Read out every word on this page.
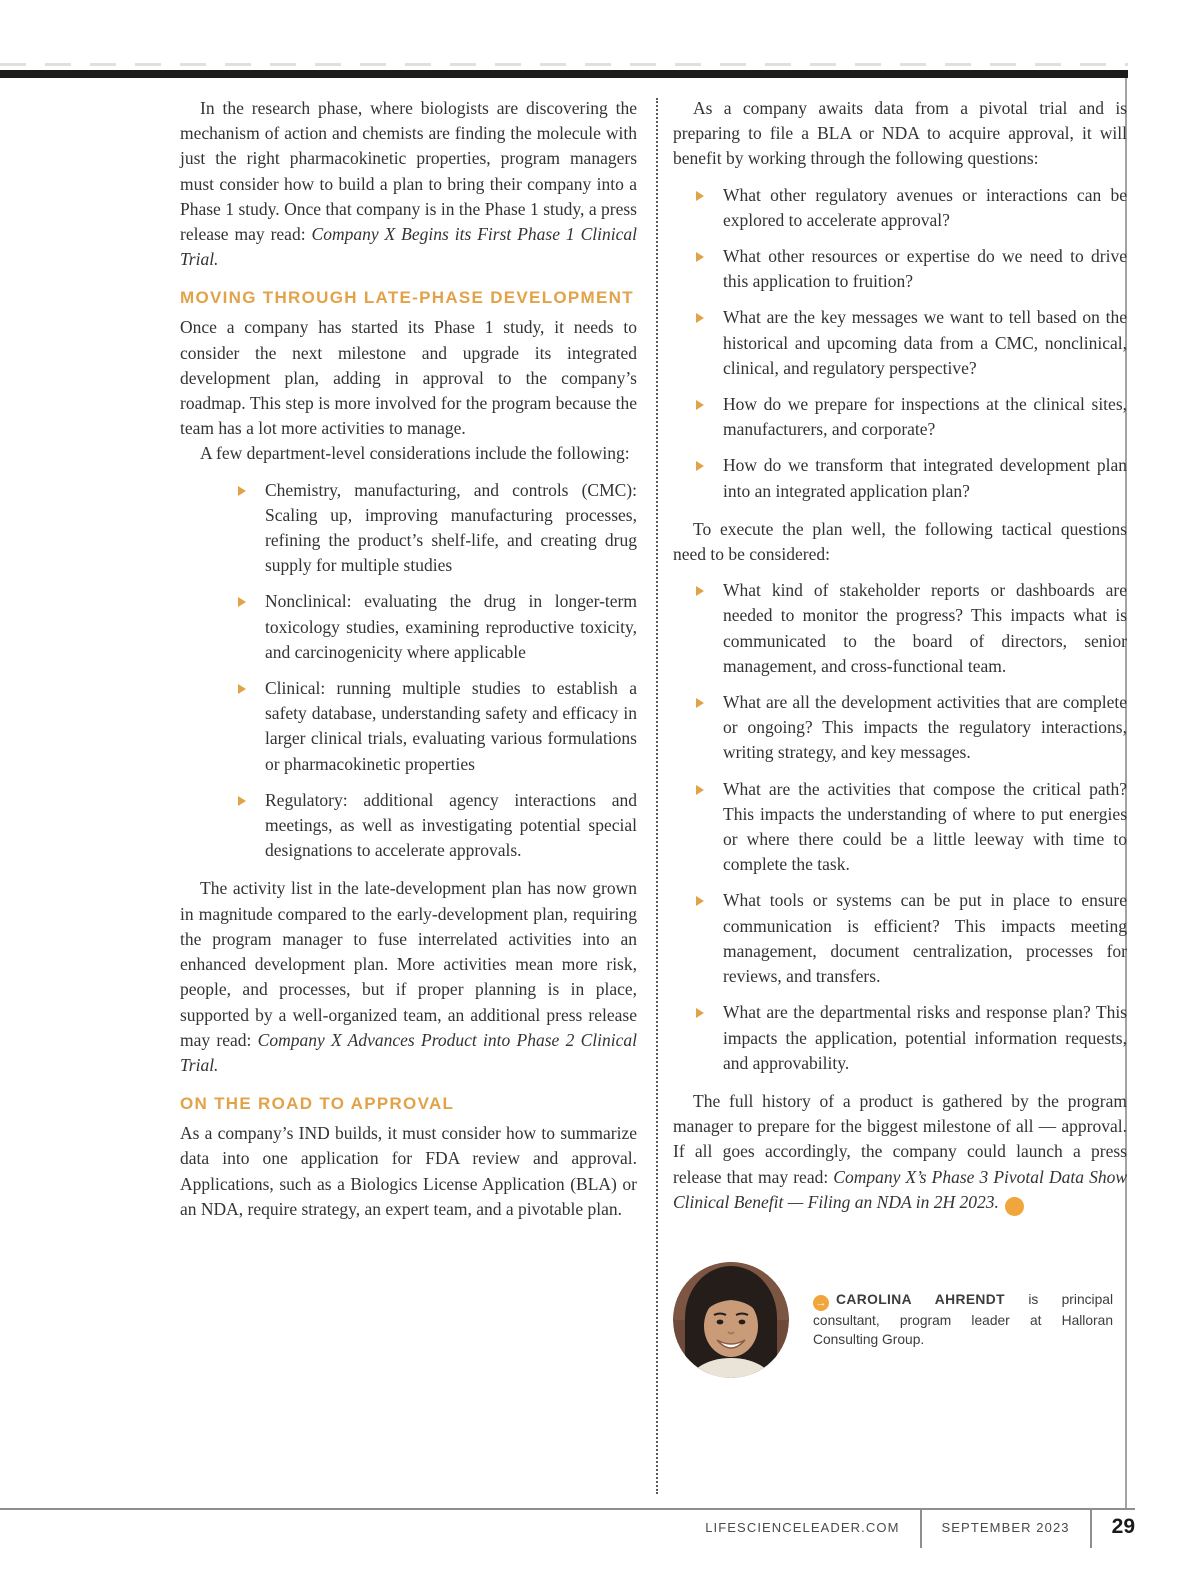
In the research phase, where biologists are discovering the mechanism of action and chemists are finding the molecule with just the right pharmacokinetic properties, program managers must consider how to build a plan to bring their company into a Phase 1 study. Once that company is in the Phase 1 study, a press release may read: Company X Begins its First Phase 1 Clinical Trial.

MOVING THROUGH LATE-PHASE DEVELOPMENT

Once a company has started its Phase 1 study, it needs to consider the next milestone and upgrade its integrated development plan, adding in approval to the company’s roadmap. This step is more involved for the program because the team has a lot more activities to manage.

A few department-level considerations include the following:

Chemistry, manufacturing, and controls (CMC): Scaling up, improving manufacturing processes, refining the product’s shelf-life, and creating drug supply for multiple studies
Nonclinical: evaluating the drug in longer-term toxicology studies, examining reproductive toxicity, and carcinogenicity where applicable
Clinical: running multiple studies to establish a safety database, understanding safety and efficacy in larger clinical trials, evaluating various formulations or pharmacokinetic properties
Regulatory: additional agency interactions and meetings, as well as investigating potential special designations to accelerate approvals.

The activity list in the late-development plan has now grown in magnitude compared to the early-development plan, requiring the program manager to fuse interrelated activities into an enhanced development plan. More activities mean more risk, people, and processes, but if proper planning is in place, supported by a well-organized team, an additional press release may read: Company X Advances Product into Phase 2 Clinical Trial.

ON THE ROAD TO APPROVAL

As a company’s IND builds, it must consider how to summarize data into one application for FDA review and approval. Applications, such as a Biologics License Application (BLA) or an NDA, require strategy, an expert team, and a pivotable plan.

As a company awaits data from a pivotal trial and is preparing to file a BLA or NDA to acquire approval, it will benefit by working through the following questions:

What other regulatory avenues or interactions can be explored to accelerate approval?
What other resources or expertise do we need to drive this application to fruition?
What are the key messages we want to tell based on the historical and upcoming data from a CMC, nonclinical, clinical, and regulatory perspective?
How do we prepare for inspections at the clinical sites, manufacturers, and corporate?
How do we transform that integrated development plan into an integrated application plan?

To execute the plan well, the following tactical questions need to be considered:

What kind of stakeholder reports or dashboards are needed to monitor the progress? This impacts what is communicated to the board of directors, senior management, and cross-functional team.
What are all the development activities that are complete or ongoing? This impacts the regulatory interactions, writing strategy, and key messages.
What are the activities that compose the critical path? This impacts the understanding of where to put energies or where there could be a little leeway with time to complete the task.
What tools or systems can be put in place to ensure communication is efficient? This impacts meeting management, document centralization, processes for reviews, and transfers.
What are the departmental risks and response plan? This impacts the application, potential information requests, and approvability.

The full history of a product is gathered by the program manager to prepare for the biggest milestone of all — approval. If all goes accordingly, the company could launch a press release that may read: Company X’s Phase 3 Pivotal Data Show Clinical Benefit — Filing an NDA in 2H 2023. L

→CAROLINA AHRENDT is principal consultant, program leader at Halloran Consulting Group.
LIFESCIENCELEADER.COM	SEPTEMBER 2023 29
